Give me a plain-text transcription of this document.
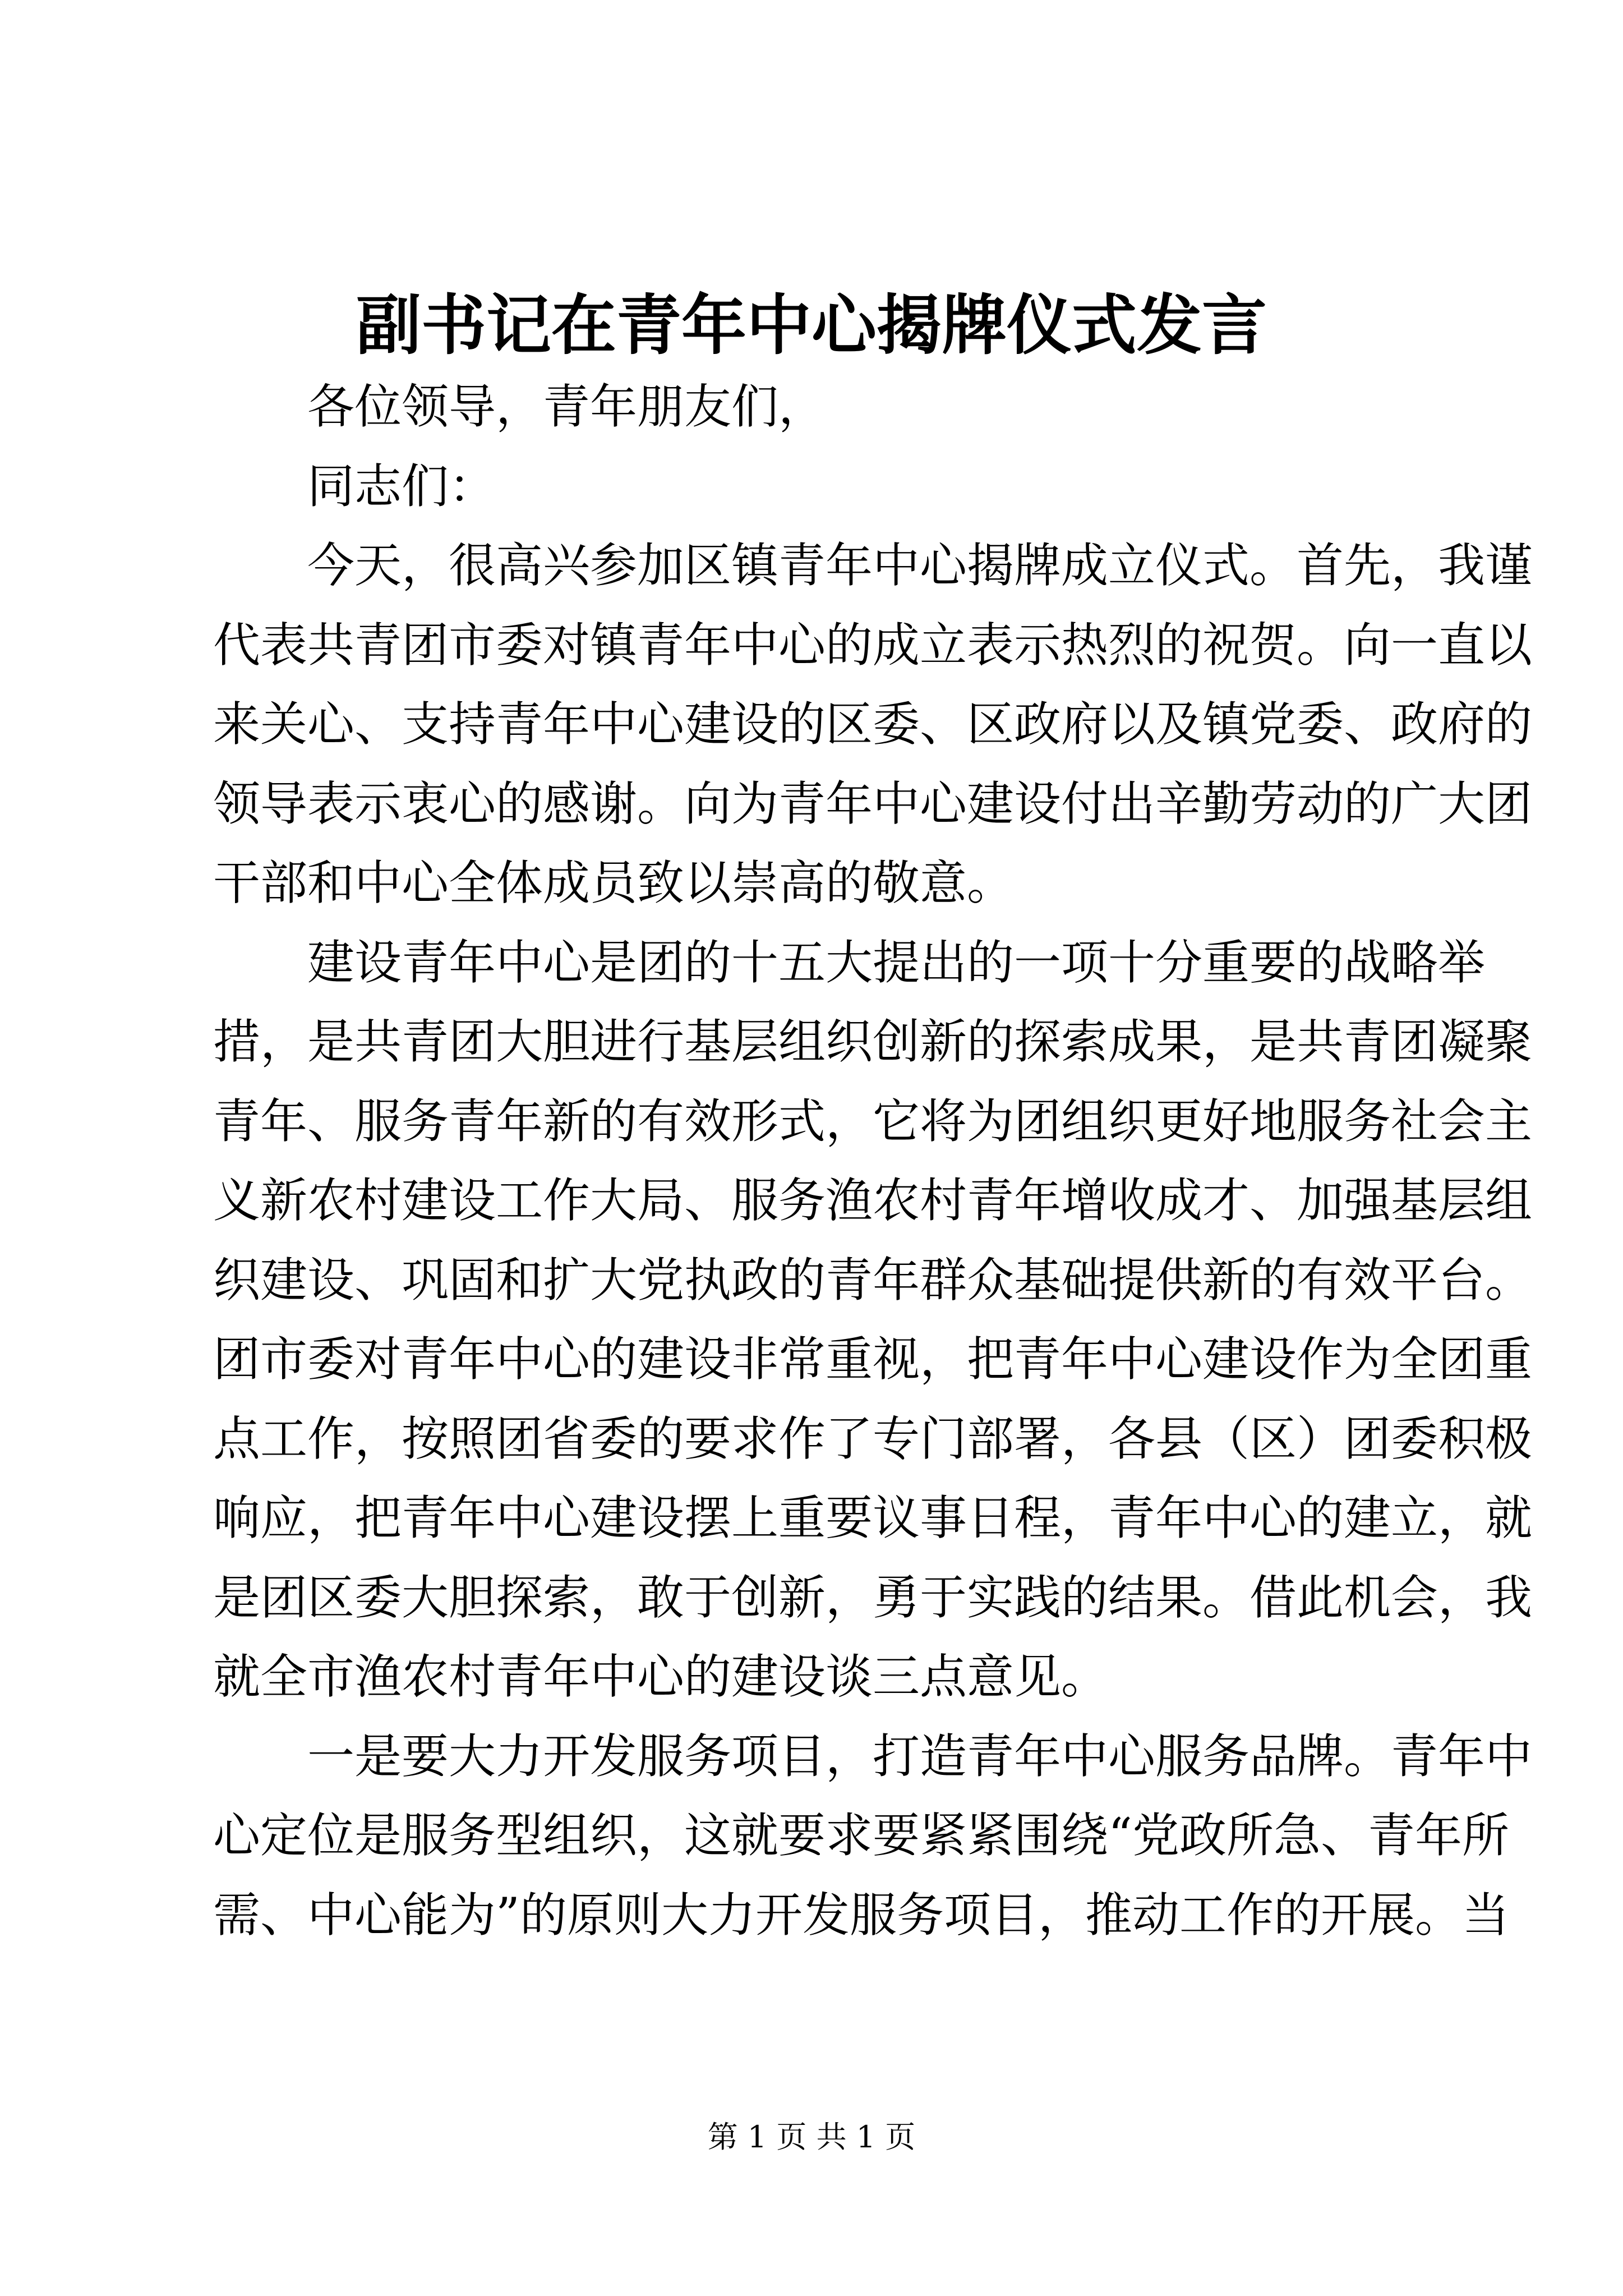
副书记在青年中心揭牌仪式发言
各位领导，青年朋友们，
同志们：
今天，很高兴参加区镇青年中心揭牌成立仪式。首先，我谨
代表共青团市委对镇青年中心的成立表示热烈的祝贺。向一直以
来关心、支持青年中心建设的区委、区政府以及镇党委、政府的
领导表示衷心的感谢。向为青年中心建设付出辛勤劳动的广大团
干部和中心全体成员致以崇高的敬意。
建设青年中心是团的十五大提出的一项十分重要的战略举
措，是共青团大胆进行基层组织创新的探索成果，是共青团凝聚
青年、服务青年新的有效形式，它将为团组织更好地服务社会主
义新农村建设工作大局、服务渔农村青年增收成才、加强基层组
织建设、巩固和扩大党执政的青年群众基础提供新的有效平台。
团市委对青年中心的建设非常重视，把青年中心建设作为全团重
点工作，按照团省委的要求作了专门部署，各县（区）团委积极
响应，把青年中心建设摆上重要议事日程，青年中心的建立，就
是团区委大胆探索，敢于创新，勇于实践的结果。借此机会，我
就全市渔农村青年中心的建设谈三点意见。
一是要大力开发服务项目，打造青年中心服务品牌。青年中
心定位是服务型组织，这就要求要紧紧围绕“党政所急、青年所
需、中心能为”的原则大力开发服务项目，推动工作的开展。当
第 1 页 共 1 页
